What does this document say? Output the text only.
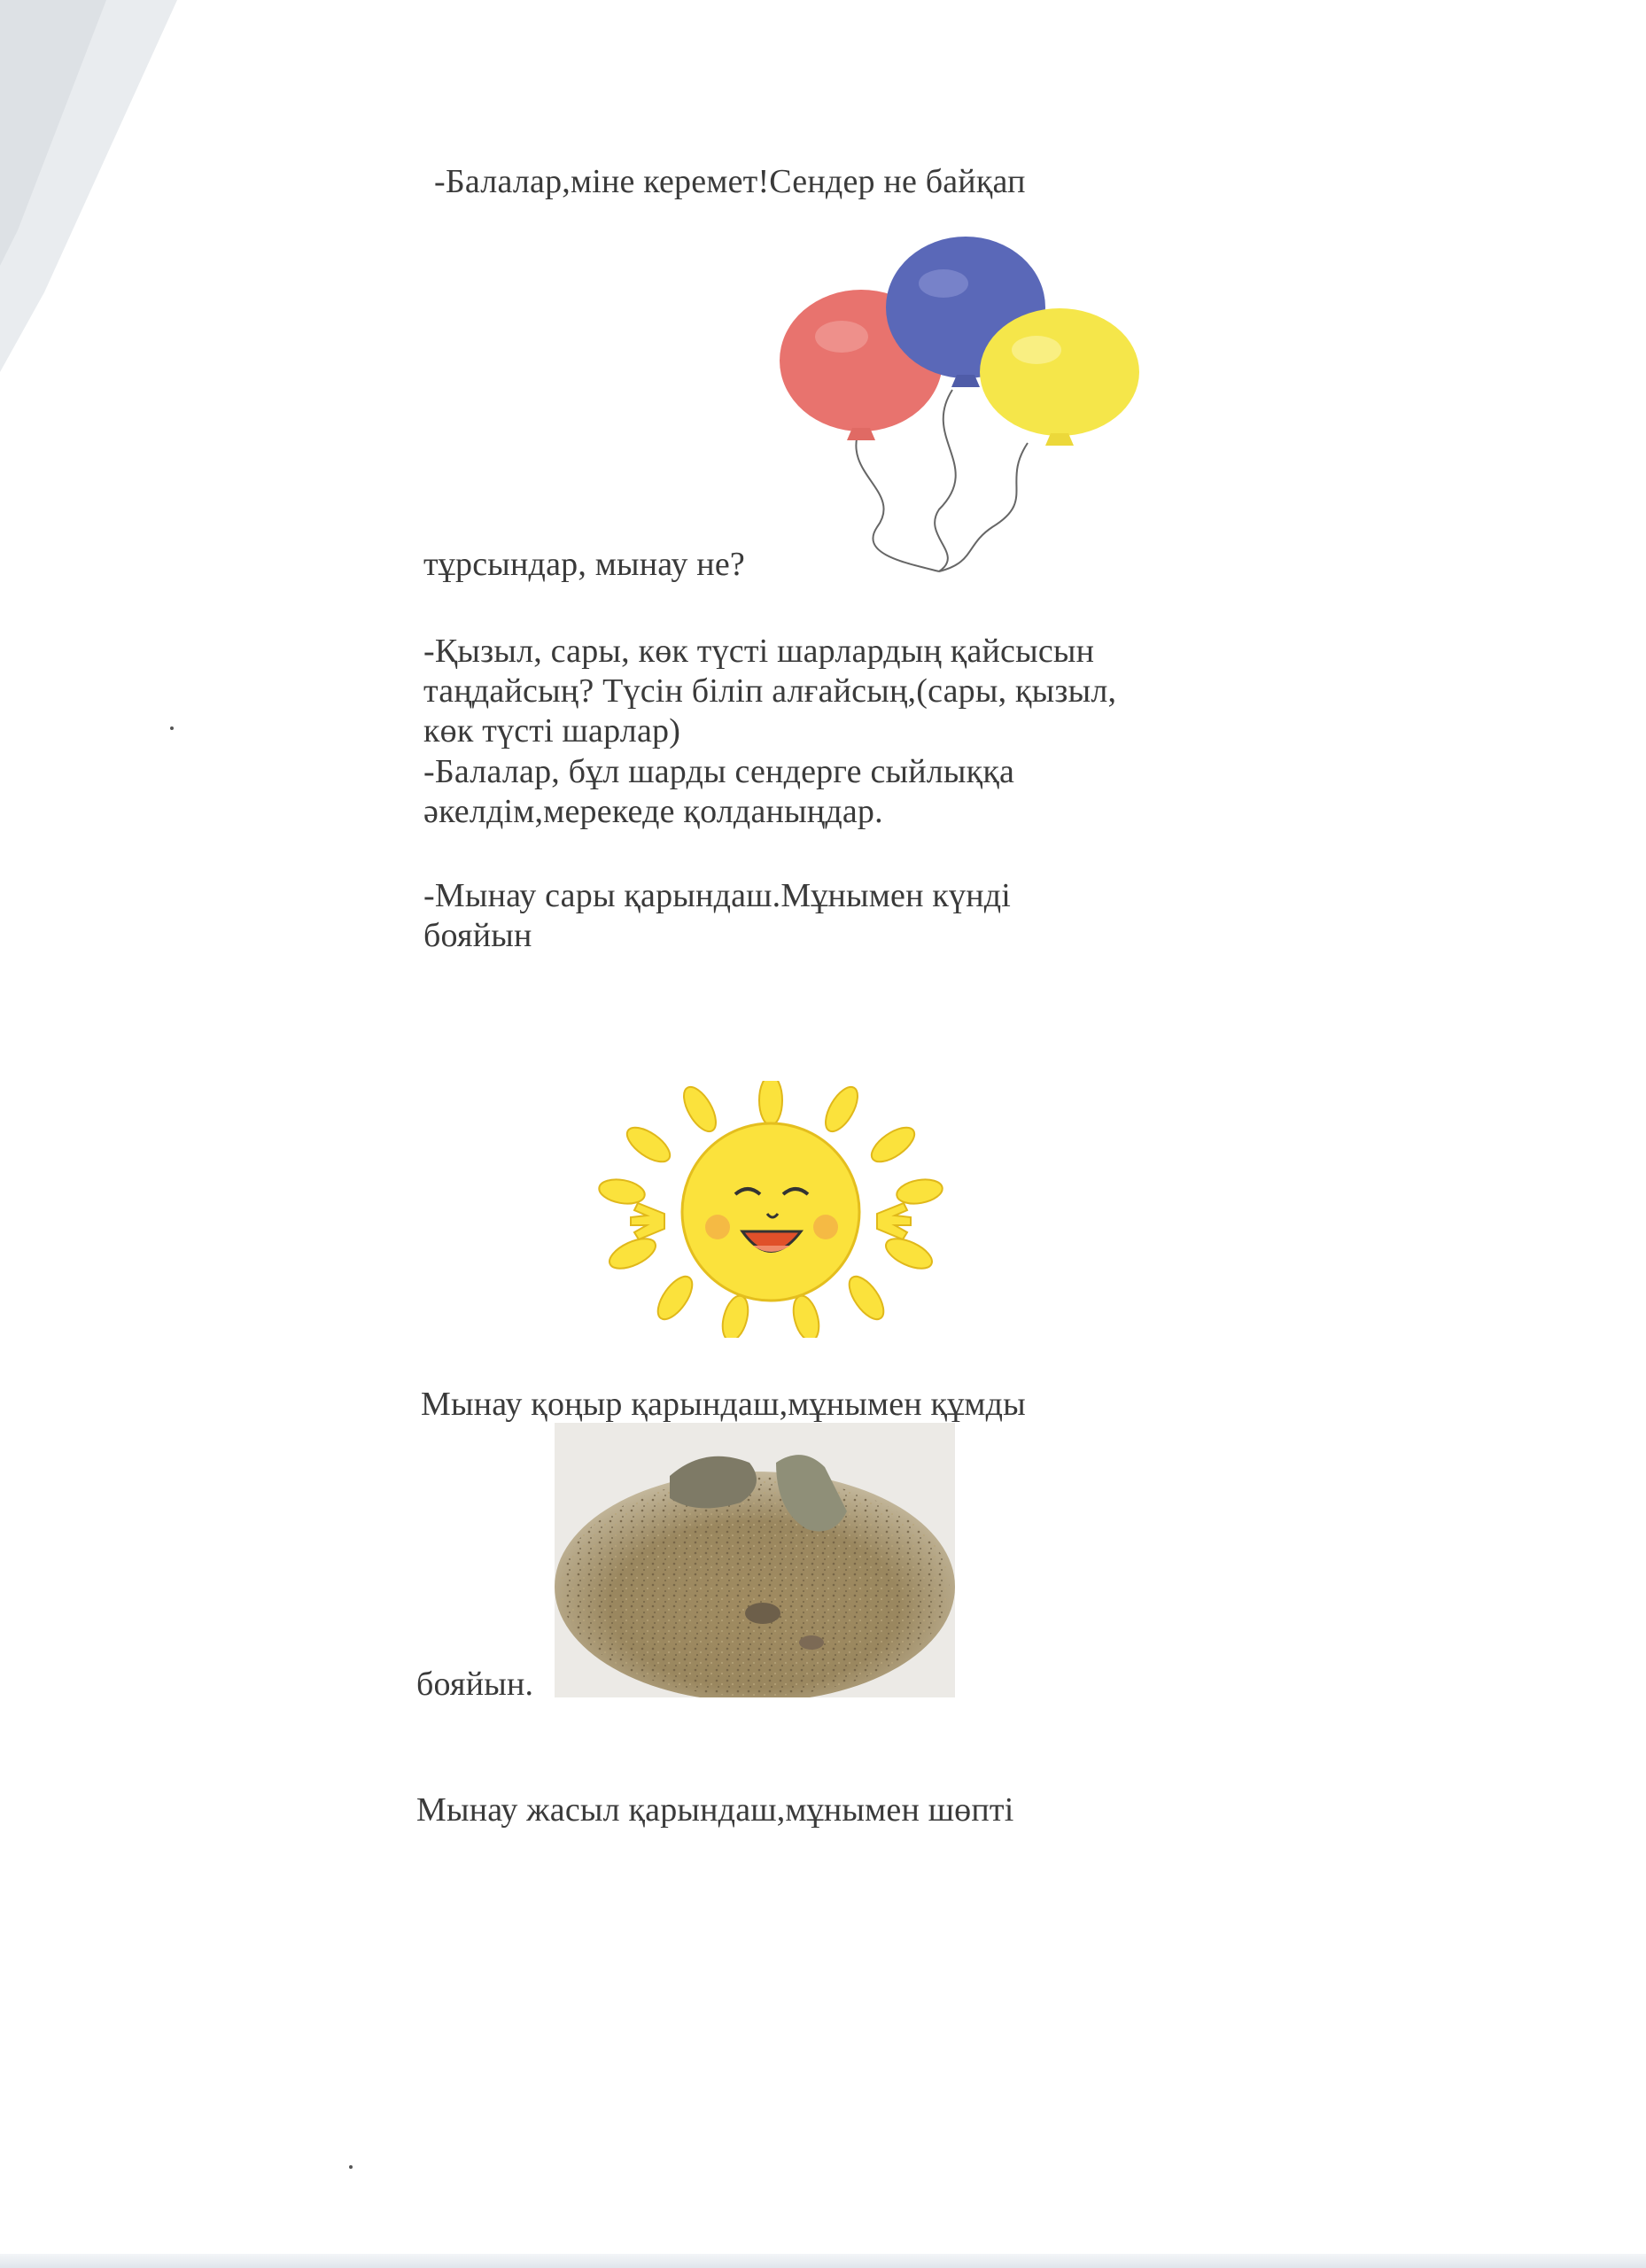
-Балалар,міне керемет!Сендер не байқап
тұрсындар, мынау не?
-Қызыл, сары, көк түсті шарлардың қайсысын
таңдайсың? Түсін біліп алғайсың,(сары, қызыл,
көк түсті шарлар)
-Балалар, бұл шарды сендерге сыйлыққа
әкелдім,мерекеде қолданыңдар.
-Мынау сары қарындаш.Мұнымен күнді
бояйын
Мынау қоңыр қарындаш,мұнымен құмды
бояйын.
Мынау жасыл қарындаш,мұнымен шөпті
